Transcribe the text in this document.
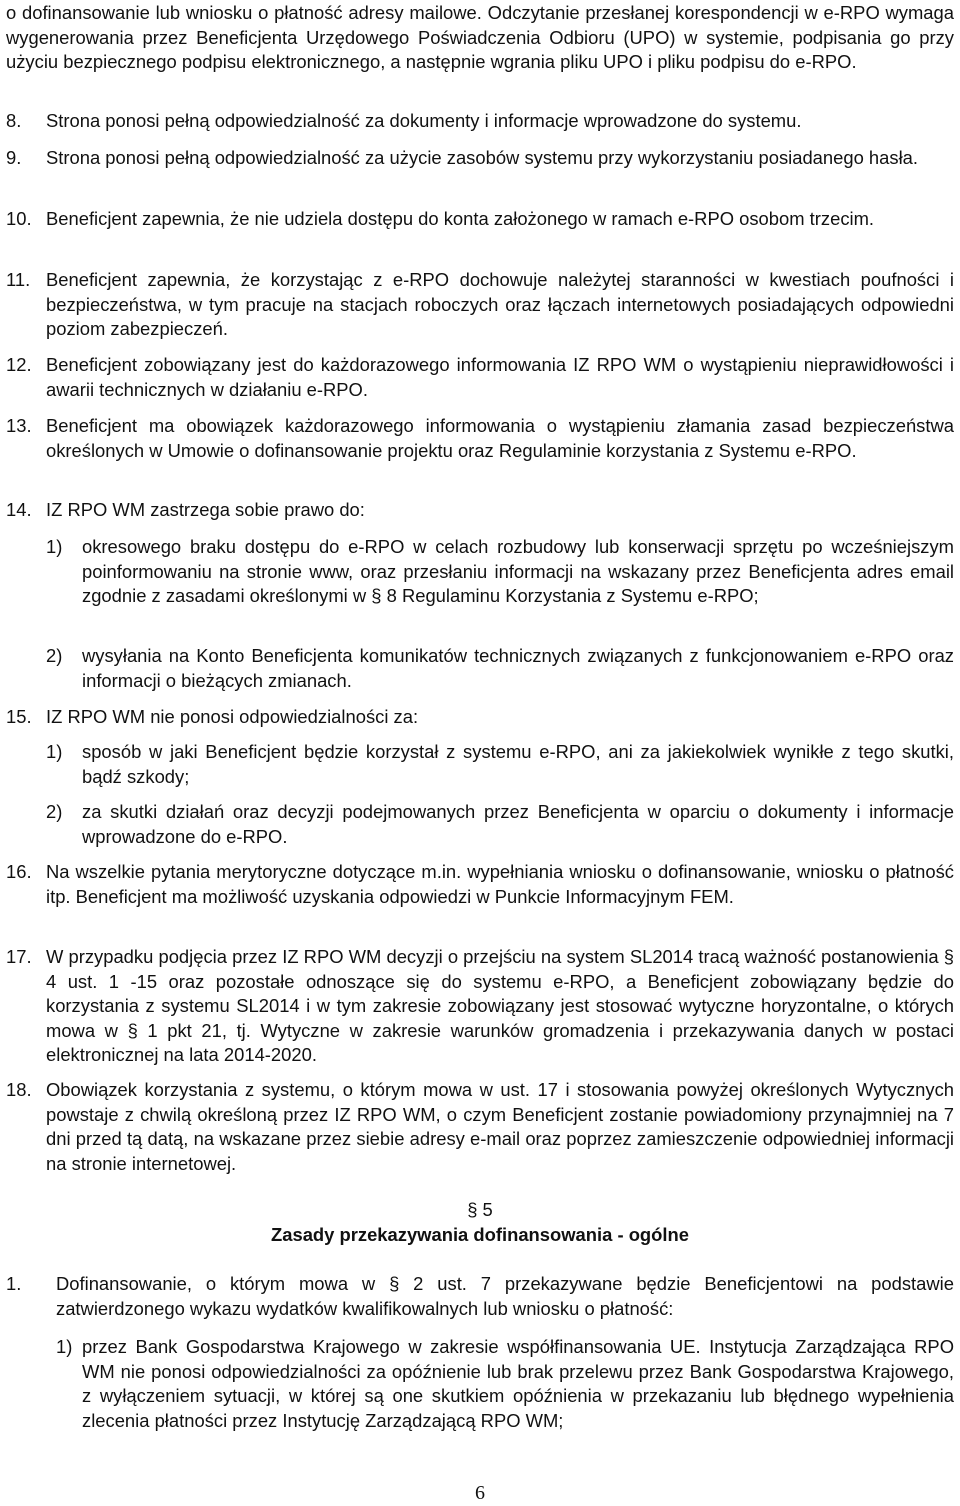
o dofinansowanie lub wniosku o płatność adresy mailowe. Odczytanie przesłanej korespondencji w e-RPO wymaga wygenerowania przez Beneficjenta Urzędowego Poświadczenia Odbioru (UPO) w systemie, podpisania go przy użyciu bezpiecznego podpisu elektronicznego, a następnie wgrania pliku UPO i pliku podpisu do e-RPO.
8. Strona ponosi pełną odpowiedzialność za dokumenty i informacje wprowadzone do systemu.
9. Strona ponosi pełną odpowiedzialność za użycie zasobów systemu przy wykorzystaniu posiadanego hasła.
10. Beneficjent zapewnia, że nie udziela dostępu do konta założonego w ramach e-RPO osobom trzecim.
11. Beneficjent zapewnia, że korzystając z e-RPO dochowuje należytej staranności w kwestiach poufności i bezpieczeństwa, w tym pracuje na stacjach roboczych oraz łączach internetowych posiadających odpowiedni poziom zabezpieczeń.
12. Beneficjent zobowiązany jest do każdorazowego informowania IZ RPO WM o wystąpieniu nieprawidłowości i awarii technicznych w działaniu e-RPO.
13. Beneficjent ma obowiązek każdorazowego informowania o wystąpieniu złamania zasad bezpieczeństwa określonych w Umowie o dofinansowanie projektu oraz Regulaminie korzystania z Systemu e-RPO.
14. IZ RPO WM zastrzega sobie prawo do:
1) okresowego braku dostępu do e-RPO w celach rozbudowy lub konserwacji sprzętu po wcześniejszym poinformowaniu na stronie www, oraz przesłaniu informacji na wskazany przez Beneficjenta adres email zgodnie z zasadami określonymi w § 8 Regulaminu Korzystania z Systemu e-RPO;
2) wysyłania na Konto Beneficjenta komunikatów technicznych związanych z funkcjonowaniem e-RPO oraz informacji o bieżących zmianach.
15. IZ RPO WM nie ponosi odpowiedzialności za:
1) sposób w jaki Beneficjent będzie korzystał z systemu e-RPO, ani za jakiekolwiek wynikłe z tego skutki, bądź szkody;
2) za skutki działań oraz decyzji podejmowanych przez Beneficjenta w oparciu o dokumenty i informacje wprowadzone do e-RPO.
16. Na wszelkie pytania merytoryczne dotyczące m.in. wypełniania wniosku o dofinansowanie, wniosku o płatność itp. Beneficjent ma możliwość uzyskania odpowiedzi w Punkcie Informacyjnym FEM.
17. W przypadku podjęcia przez IZ RPO WM decyzji o przejściu na system SL2014 tracą ważność postanowienia § 4 ust. 1 -15 oraz pozostałe odnoszące się do systemu e-RPO, a Beneficjent zobowiązany będzie do korzystania z systemu SL2014 i w tym zakresie zobowiązany jest stosować wytyczne horyzontalne, o których mowa w § 1 pkt 21, tj. Wytyczne w zakresie warunków gromadzenia i przekazywania danych w postaci elektronicznej na lata 2014-2020.
18. Obowiązek korzystania z systemu, o którym mowa w ust. 17 i stosowania powyżej określonych Wytycznych powstaje z chwilą określoną przez IZ RPO WM, o czym Beneficjent zostanie powiadomiony przynajmniej na 7 dni przed tą datą, na wskazane przez siebie adresy e-mail oraz poprzez zamieszczenie odpowiedniej informacji na stronie internetowej.
§ 5
Zasady przekazywania dofinansowania - ogólne
1. Dofinansowanie, o którym mowa w § 2 ust. 7 przekazywane będzie Beneficjentowi na podstawie zatwierdzonego wykazu wydatków kwalifikowalnych lub wniosku o płatność:
1) przez Bank Gospodarstwa Krajowego w zakresie współfinansowania UE. Instytucja Zarządzająca RPO WM nie ponosi odpowiedzialności za opóźnienie lub brak przelewu przez Bank Gospodarstwa Krajowego, z wyłączeniem sytuacji, w której są one skutkiem opóźnienia w przekazaniu lub błędnego wypełnienia zlecenia płatności przez Instytucję Zarządzającą RPO WM;
6
